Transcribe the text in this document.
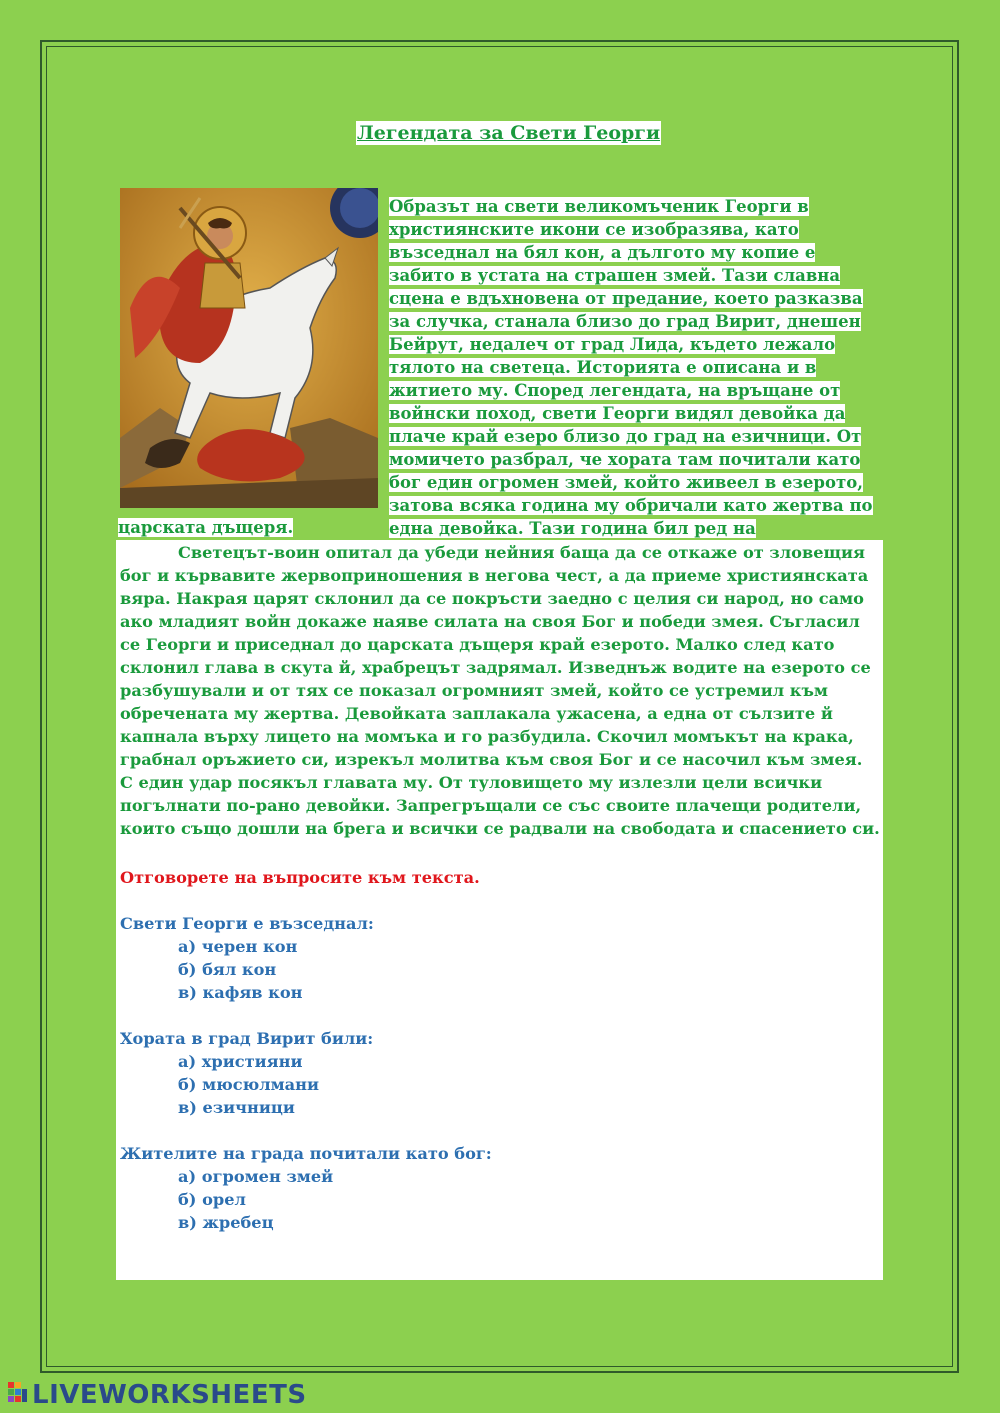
Легендата за Свети Георги

Образът на свети великомъченик Георги в християнските икони се изобразява, като възседнал на бял кон, а дългото му копие е забито в устата на страшен змей. Тази славна сцена е вдъхновена от предание, което разказва за случка, станала близо до град Вирит, днешен Бейрут, недалеч от град Лида, където лежало тялото на светеца. Историята е описана и в житието му. Според легендата, на връщане от войнски поход, свети Георги видял девойка да плаче край езеро близо до град на езичници. От момичето разбрал, че хората там почитали като бог един огромен змей, който живеел в езерото, затова всяка година му обричали като жертва по една девойка. Тази година бил ред на

царската дъщеря.

Светецът-воин опитал да убеди нейния баща да се откаже от зловещия бог и кървавите жервоприношения в негова чест, а да приеме християнската вяра. Накрая царят склонил да се покръсти заедно с целия си народ, но само ако младият войн докаже наяве силата на своя Бог и победи змея. Съгласил се Георги и приседнал до царската дъщеря край езерото. Малко след като склонил глава в скута й, храбрецът задрямал. Изведнъж водите на езерото се разбушували и от тях се показал огромният змей, който се устремил към обречената му жертва. Девойката заплакала ужасена, а една от сълзите й капнала върху лицето на момъка и го разбудила. Скочил момъкът на крака, грабнал оръжието си, изрекъл молитва към своя Бог и се насочил към змея. С един удар посякъл главата му. От туловището му излезли цели всички погълнати по-рано девойки. Запрегръщали се със своите плачещи родители, които също дошли на брега и всички се радвали на свободата и спасението си.

Отговорете на въпросите към текста.

Свети Георги е възседнал:

а) черен кон
б) бял кон
в) кафяв кон

Хората в град Вирит били:

а) християни
б) мюсюлмани
в) езичници

Жителите на града почитали като бог:

а) огромен змей
б) орел
в) жребец
LIVEWORKSHEETS
